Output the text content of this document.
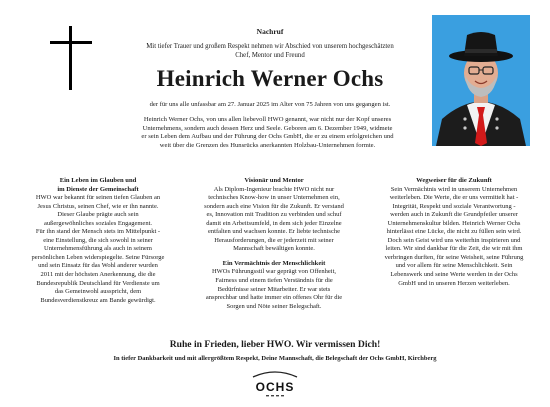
Nachruf
Mit tiefer Trauer und großem Respekt nehmen wir Abschied von unserem hochgeschätzten
Chef, Mentor und Freund
Heinrich Werner Ochs
der für uns alle unfassbar am 27. Januar 2025 im Alter von 75 Jahren von uns gegangen ist.
Heinrich Werner Ochs, von uns allen liebevoll HWO genannt, war nicht nur der Kopf unseres
Unternehmens, sondern auch dessen Herz und Seele. Geboren am 6. Dezember 1949, widmete
er sein Leben dem Aufbau und der Führung der Ochs GmbH, die er zu einem erfolgreichen und
weit über die Grenzen des Hunsrücks anerkannten Holzbau-Unternehmen formte.
Ein Leben im Glauben und
im Dienste der Gemeinschaft
HWO war bekannt für seinen tiefen Glauben an
Jesus Christus, seinen Chef, wie er ihn nannte.
Dieser Glaube prägte auch sein
außergewöhnliches soziales Engagement.
Für ihn stand der Mensch stets im Mittelpunkt -
eine Einstellung, die sich sowohl in seiner
Unternehmensführung als auch in seinem
persönlichen Leben widerspiegelte. Seine Fürsorge
und sein Einsatz für das Wohl anderer wurden
2011 mit der höchsten Anerkennung, die die
Bundesrepublik Deutschland für Verdienste um
das Gemeinwohl ausspricht, dem
Bundesverdienstkreuz am Bande gewürdigt.
Visionär und Mentor
Als Diplom-Ingenieur brachte HWO nicht nur
technisches Know-how in unser Unternehmen ein,
sondern auch eine Vision für die Zukunft. Er verstand
es, Innovation mit Tradition zu verbinden und schuf
damit ein Arbeitsumfeld, in dem sich jeder Einzelne
entfalten und wachsen konnte. Er liebte technische
Herausforderungen, die er jederzeit mit seiner
Mannschaft bewältigen konnte.
Ein Vermächtnis der Menschlichkeit
HWOs Führungsstil war geprägt von Offenheit,
Fairness und einem tiefen Verständnis für die
Bedürfnisse seiner Mitarbeiter. Er war stets
ansprechbar und hatte immer ein offenes Ohr für die
Sorgen und Nöte seiner Belegschaft.
Wegweiser für die Zukunft
Sein Vermächtnis wird in unserem Unternehmen
weiterleben. Die Werte, die er uns vermittelt hat -
Integrität, Respekt und soziale Verantwortung -
werden auch in Zukunft die Grundpfeiler unserer
Unternehmenskultur bilden. Heinrich Werner Ochs
hinterlässt eine Lücke, die nicht zu füllen sein wird.
Doch sein Geist wird uns weiterhin inspirieren und
leiten. Wir sind dankbar für die Zeit, die wir mit ihm
verbringen durften, für seine Weisheit, seine Führung
und vor allem für seine Menschlichkeit. Sein
Lebenswerk und seine Werte werden in der Ochs
GmbH und in unseren Herzen weiterleben.
Ruhe in Frieden, lieber HWO. Wir vermissen Dich!
In tiefer Dankbarkeit und mit allergrößtem Respekt, Deine Mannschaft, die Belegschaft der Ochs GmbH, Kirchberg
OCHS
